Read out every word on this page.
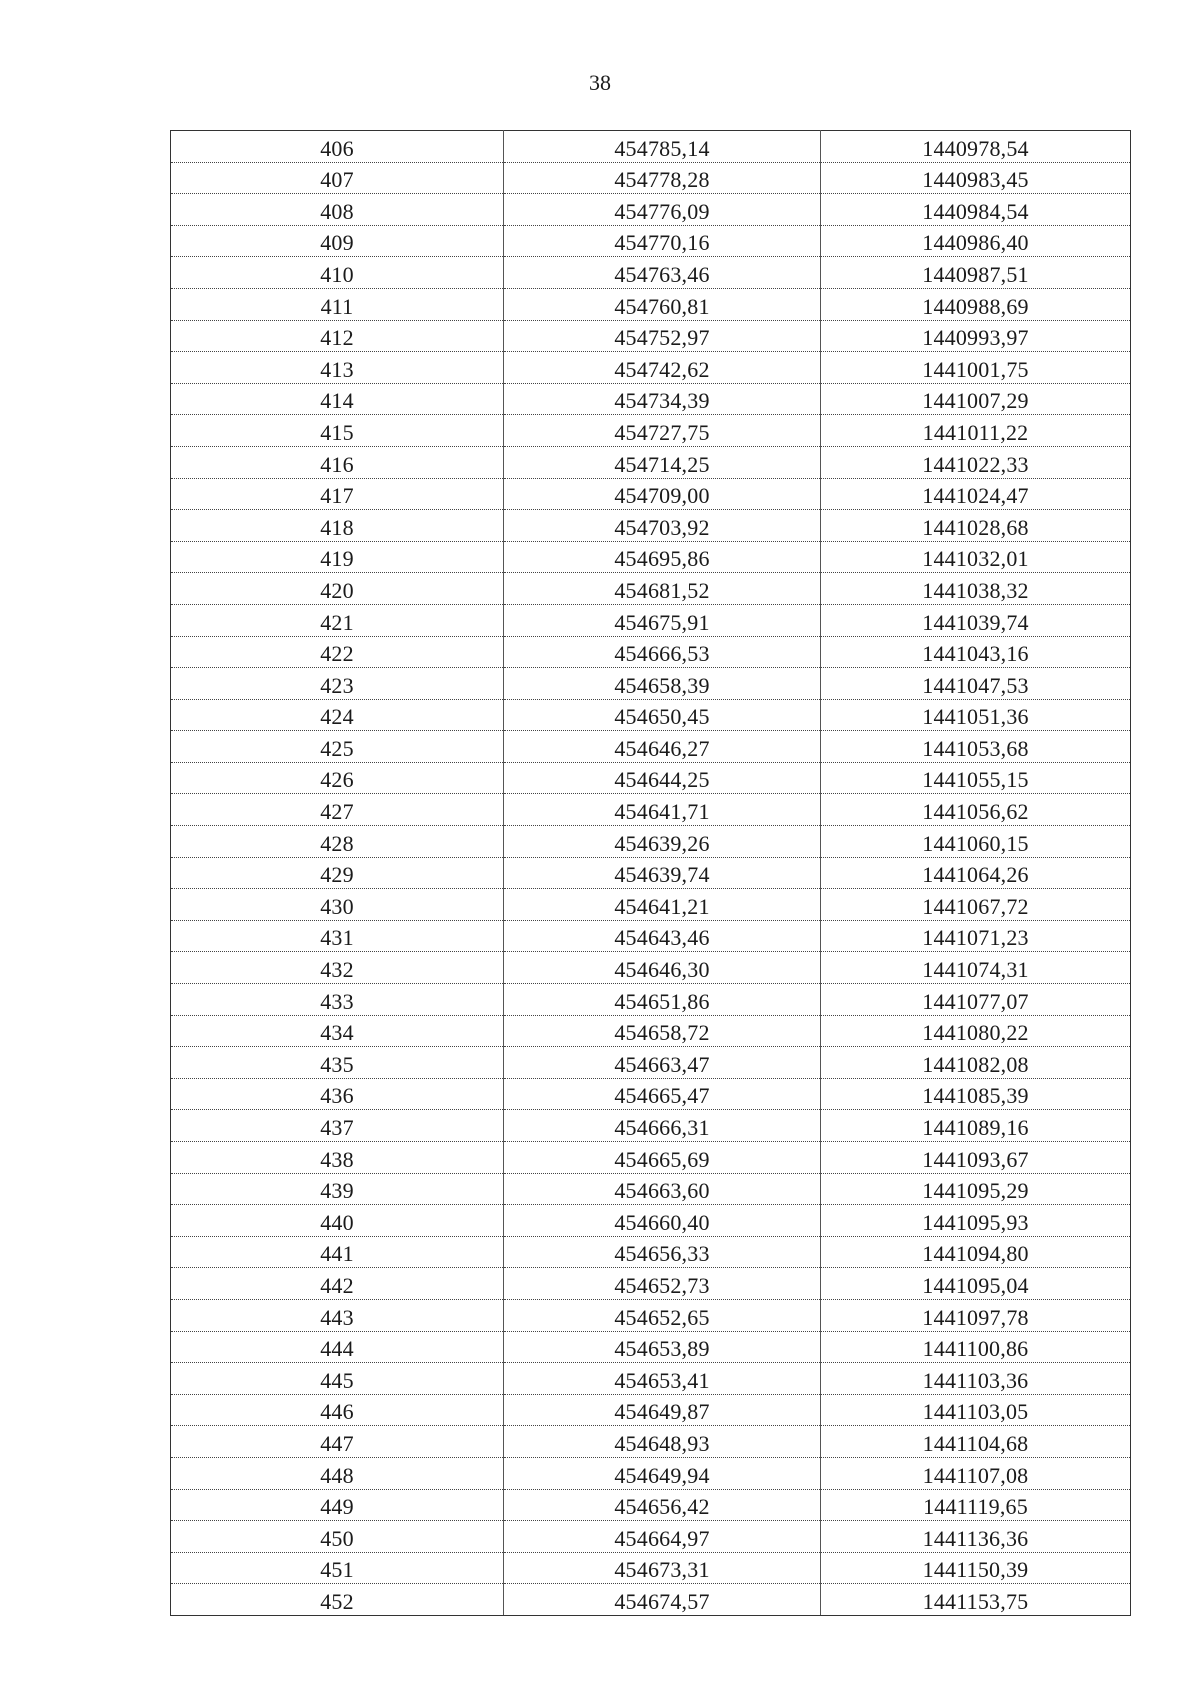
38
406	454785,14	1440978,54
407	454778,28	1440983,45
408	454776,09	1440984,54
409	454770,16	1440986,40
410	454763,46	1440987,51
411	454760,81	1440988,69
412	454752,97	1440993,97
413	454742,62	1441001,75
414	454734,39	1441007,29
415	454727,75	1441011,22
416	454714,25	1441022,33
417	454709,00	1441024,47
418	454703,92	1441028,68
419	454695,86	1441032,01
420	454681,52	1441038,32
421	454675,91	1441039,74
422	454666,53	1441043,16
423	454658,39	1441047,53
424	454650,45	1441051,36
425	454646,27	1441053,68
426	454644,25	1441055,15
427	454641,71	1441056,62
428	454639,26	1441060,15
429	454639,74	1441064,26
430	454641,21	1441067,72
431	454643,46	1441071,23
432	454646,30	1441074,31
433	454651,86	1441077,07
434	454658,72	1441080,22
435	454663,47	1441082,08
436	454665,47	1441085,39
437	454666,31	1441089,16
438	454665,69	1441093,67
439	454663,60	1441095,29
440	454660,40	1441095,93
441	454656,33	1441094,80
442	454652,73	1441095,04
443	454652,65	1441097,78
444	454653,89	1441100,86
445	454653,41	1441103,36
446	454649,87	1441103,05
447	454648,93	1441104,68
448	454649,94	1441107,08
449	454656,42	1441119,65
450	454664,97	1441136,36
451	454673,31	1441150,39
452	454674,57	1441153,75
